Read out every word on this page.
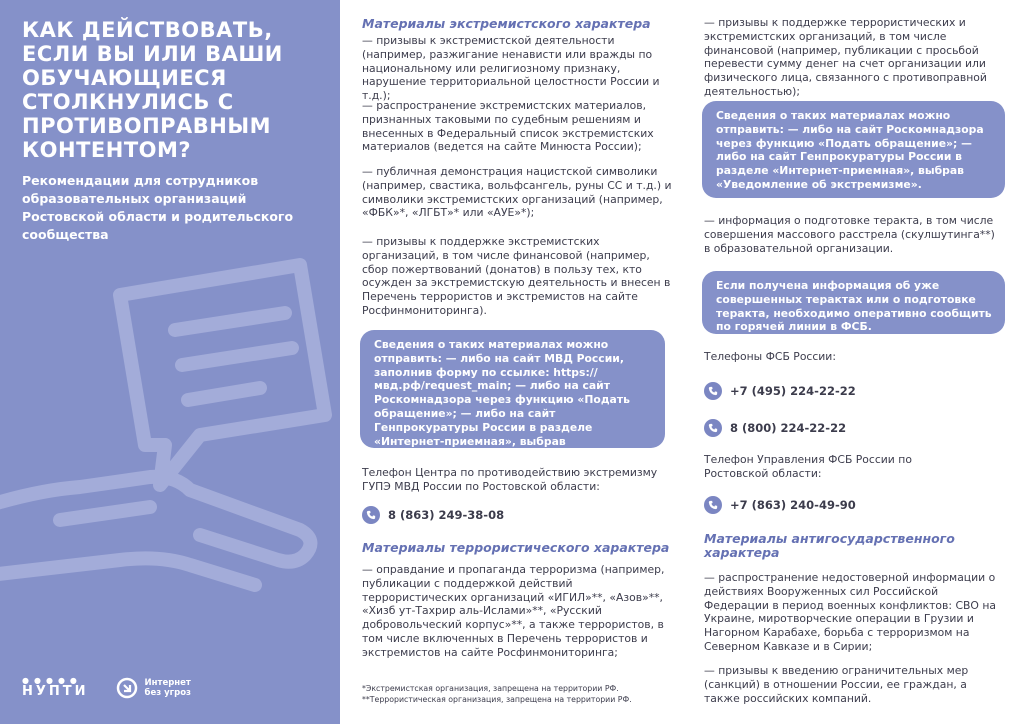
КАК ДЕЙСТВОВАТЬ, ЕСЛИ ВЫ ИЛИ ВАШИ ОБУЧАЮЩИЕСЯ СТОЛКНУЛИСЬ С ПРОТИВОПРАВНЫМ КОНТЕНТОМ?
Рекомендации для сотрудников образовательных организаций Ростовской области и родительского сообщества
●●●●●
НУПТИ
Интернет
без угроз
Материалы экстремистского характера
— призывы к экстремистской деятельности (например, разжигание ненависти или вражды по национальному или религиозному признаку, нарушение территориальной целостности России и т.д.);
— распространение экстремистских материалов, признанных таковыми по судебным решениям и внесенных в Федеральный список экстремистских материалов (ведется на сайте Минюста России);
— публичная демонстрация нацистской символики (например, свастика, вольфсангель, руны СС и т.д.) и символики экстремистских организаций (например, «ФБК»*, «ЛГБТ»* или «АУЕ»*);
— призывы к поддержке экстремистских организаций, в том числе финансовой (например, сбор пожертвований (донатов) в пользу тех, кто осужден за экстремистскую деятельность и внесен в Перечень террористов и экстремистов на сайте Росфинмониторинга).
Сведения о таких материалах можно отправить: — либо на сайт МВД России, заполнив форму по ссылке: https://мвд.рф/request_main; — либо на сайт Роскомнадзора через функцию «Подать обращение»; — либо на сайт Генпрокуратуры России в разделе «Интернет-приемная», выбрав «Уведомление об экстремизме».
Телефон Центра по противодействию экстремизму ГУПЭ МВД России по Ростовской области:
8 (863) 249-38-08
Материалы террористического характера
— оправдание и пропаганда терроризма (например, публикации с поддержкой действий террористических организаций «ИГИЛ»**, «Азов»**, «Хизб ут-Тахрир аль-Ислами»**, «Русский добровольческий корпус»**, а также террористов, в том числе включенных в Перечень террористов и экстремистов на сайте Росфинмониторинга;
*Экстремистская организация, запрещена на территории РФ.
**Террористическая организация, запрещена на территории РФ.
— призывы к поддержке террористических и экстремистских организаций, в том числе финансовой (например, публикации с просьбой перевести сумму денег на счет организации или физического лица, связанного с противоправной деятельностью);
Сведения о таких материалах можно отправить: — либо на сайт Роскомнадзора через функцию «Подать обращение»; — либо на сайт Генпрокуратуры России в разделе «Интернет-приемная», выбрав «Уведомление об экстремизме».
— информация о подготовке теракта, в том числе совершения массового расстрела (скулшутинга**) в образовательной организации.
Если получена информация об уже совершенных терактах или о подготовке теракта, необходимо оперативно сообщить по горячей линии в ФСБ.
Телефоны ФСБ России:
+7 (495) 224-22-22
8 (800) 224-22-22
Телефон Управления ФСБ России по Ростовской области:
+7 (863) 240-49-90
Материалы антигосударственного характера
— распространение недостоверной информации о действиях Вооруженных сил Российской Федерации в период военных конфликтов: СВО на Украине, миротворческие операции в Грузии и Нагорном Карабахе, борьба с терроризмом на Северном Кавказе и в Сирии;
— призывы к введению ограничительных мер (санкций) в отношении России, ее граждан, а также российских компаний.
